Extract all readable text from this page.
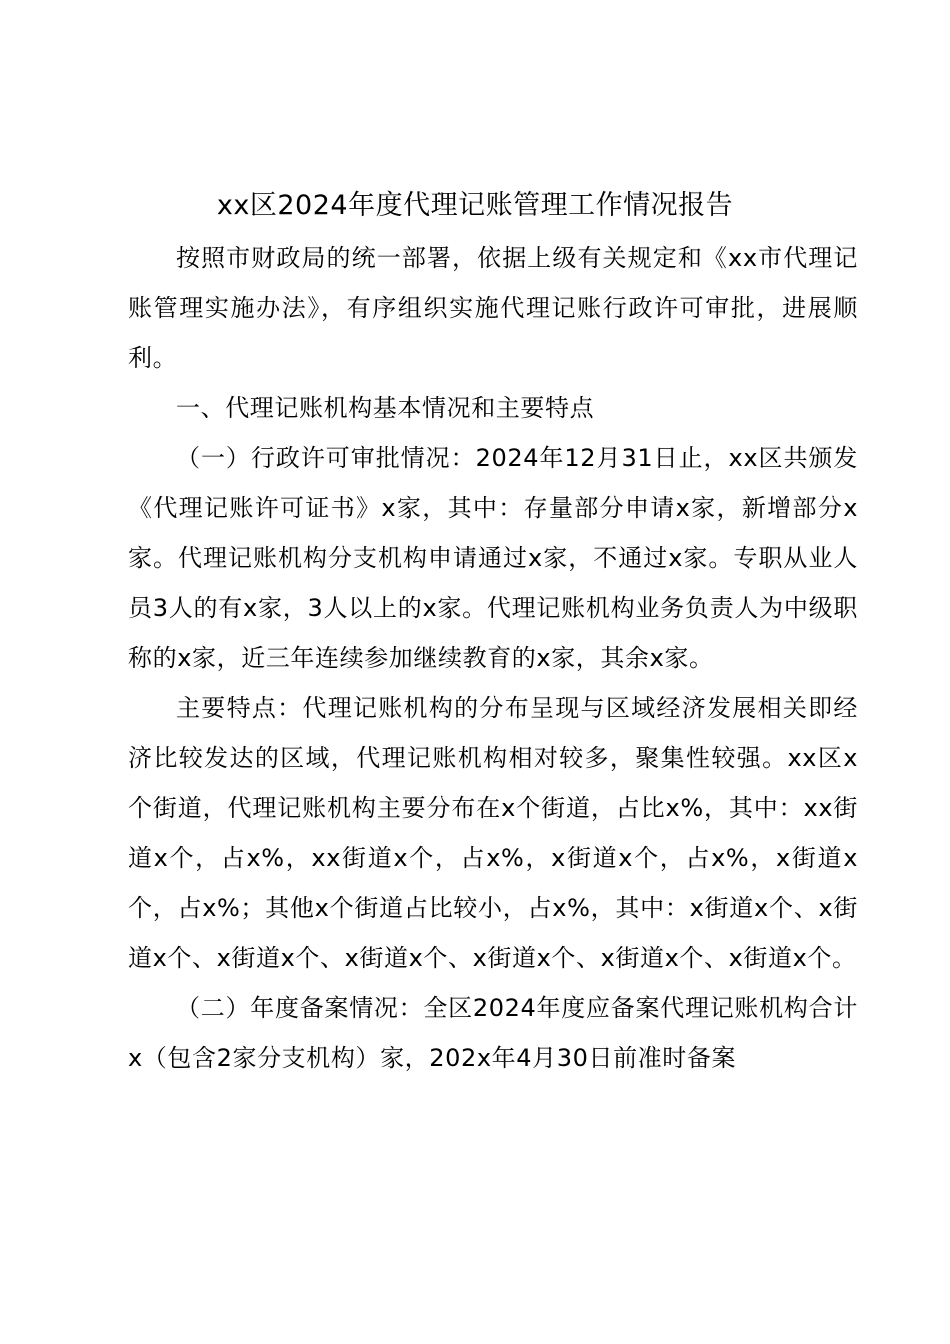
xx区2024年度代理记账管理工作情况报告

按照市财政局的统一部署，依据上级有关规定和《xx市代理记账管理实施办法》，有序组织实施代理记账行政许可审批，进展顺利。

一、代理记账机构基本情况和主要特点

（一）行政许可审批情况：2024年12月31日止，xx区共颁发《代理记账许可证书》x家，其中：存量部分申请x家，新增部分x家。代理记账机构分支机构申请通过x家，不通过x家。专职从业人员3人的有x家，3人以上的x家。代理记账机构业务负责人为中级职称的x家，近三年连续参加继续教育的x家，其余x家。

主要特点：代理记账机构的分布呈现与区域经济发展相关即经济比较发达的区域，代理记账机构相对较多，聚集性较强。xx区x个街道，代理记账机构主要分布在x个街道，占比x%，其中：xx街道x个，占x%，xx街道x个，占x%，x街道x个，占x%，x街道x个，占x%；其他x个街道占比较小，占x%，其中：x街道x个、x街道x个、x街道x个、x街道x个、x街道x个、x街道x个、x街道x个。

（二）年度备案情况：全区2024年度应备案代理记账机构合计x（包含2家分支机构）家，202x年4月30日前准时备案
